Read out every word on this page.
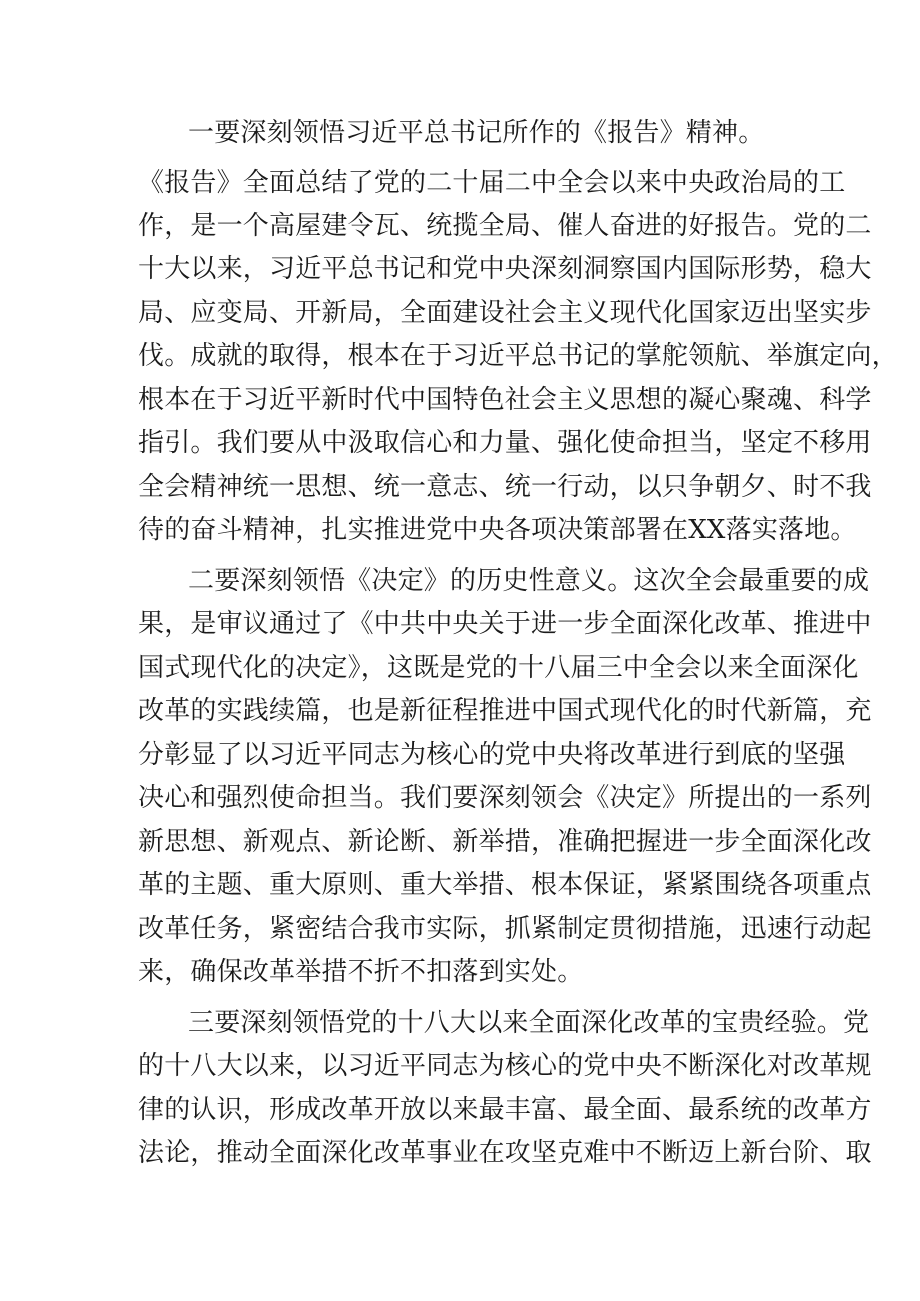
一要深刻领悟习近平总书记所作的《报告》精神。
《报告》全面总结了党的二十届二中全会以来中央政治局的工
作，是一个高屋建令瓦、统揽全局、催人奋进的好报告。党的二
十大以来，习近平总书记和党中央深刻洞察国内国际形势，稳大
局、应变局、开新局，全面建设社会主义现代化国家迈出坚实步
伐。成就的取得，根本在于习近平总书记的掌舵领航、举旗定向，
根本在于习近平新时代中国特色社会主义思想的凝心聚魂、科学
指引。我们要从中汲取信心和力量、强化使命担当，坚定不移用
全会精神统一思想、统一意志、统一行动，以只争朝夕、时不我
待的奋斗精神，扎实推进党中央各项决策部署在XX落实落地。
二要深刻领悟《决定》的历史性意义。这次全会最重要的成
果，是审议通过了《中共中央关于进一步全面深化改革、推进中
国式现代化的决定》，这既是党的十八届三中全会以来全面深化
改革的实践续篇，也是新征程推进中国式现代化的时代新篇，充
分彰显了以习近平同志为核心的党中央将改革进行到底的坚强
决心和强烈使命担当。我们要深刻领会《决定》所提出的一系列
新思想、新观点、新论断、新举措，准确把握进一步全面深化改
革的主题、重大原则、重大举措、根本保证，紧紧围绕各项重点
改革任务，紧密结合我市实际，抓紧制定贯彻措施，迅速行动起
来，确保改革举措不折不扣落到实处。
三要深刻领悟党的十八大以来全面深化改革的宝贵经验。党
的十八大以来，以习近平同志为核心的党中央不断深化对改革规
律的认识，形成改革开放以来最丰富、最全面、最系统的改革方
法论，推动全面深化改革事业在攻坚克难中不断迈上新台阶、取
